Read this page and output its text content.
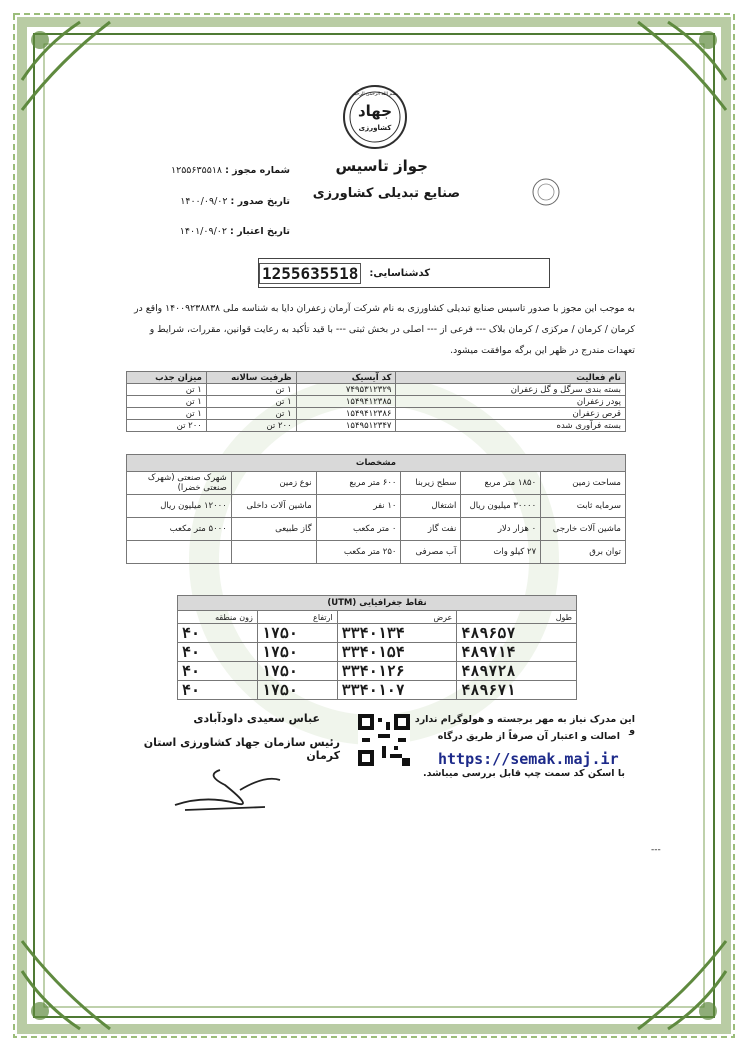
بسم الله الرحمن الرحیم
جهاد
کشاورزی
جواز تاسیس
صنایع تبدیلی کشاورزی
شماره مجوز : ۱۲۵۵۶۳۵۵۱۸
تاریخ صدور : ۱۴۰۰/۰۹/۰۲
تاریخ اعتبار : ۱۴۰۱/۰۹/۰۲
کدشناسایی:
1255635518
به موجب این مجوز با صدور تاسیس صنایع تبدیلی کشاورزی به نام شرکت آرمان زعفران دایا به شناسه ملی ۱۴۰۰۹۲۳۸۸۳۸ واقع در
کرمان / کرمان / مرکزی / کرمان بلاک --- فرعی از --- اصلی در بخش ثبتی --- با قید تأکید به رعایت قوانین، مقررات، شرایط و
تعهدات مندرج در ظهر این برگه موافقت میشود.
نام فعالیت	کد آیسیک	ظرفیت سالانه	میزان جذب
بسته بندی سرگل و گل زعفران	۷۴۹۵۳۱۲۳۲۹	۱ تن	۱ تن
پودر زعفران	۱۵۴۹۴۱۲۳۸۵	۱ تن	۱ تن
قرص زعفران	۱۵۴۹۴۱۲۳۸۶	۱ تن	۱ تن
بسته فرآوری شده	۱۵۴۹۵۱۲۳۴۷	۲۰۰ تن	۲۰۰ تن
مشخصات					
مساحت زمین	۱۸۵۰ متر مربع	سطح زیربنا	۶۰۰ متر مربع	نوع زمین	شهرک صنعتی (شهرک صنعتی خضرا)
سرمایه ثابت	۳۰۰۰۰ میلیون ریال	اشتغال	۱۰ نفر	ماشین آلات داخلی	۱۲۰۰۰ میلیون ریال
ماشین آلات خارجی	۰ هزار دلار	نفت گاز	۰ متر مکعب	گاز طبیعی	۵۰۰۰ متر مکعب
توان برق	۲۷ کیلو وات	آب مصرفی	۲۵۰ متر مکعب		
نقاط جغرافیایی (UTM)			
طول	عرض	ارتفاع	زون منطقه
۴۸۹۶۵۷	۳۳۴۰۱۳۴	۱۷۵۰	۴۰
۴۸۹۷۱۴	۳۳۴۰۱۵۴	۱۷۵۰	۴۰
۴۸۹۷۲۸	۳۳۴۰۱۲۶	۱۷۵۰	۴۰
۴۸۹۶۷۱	۳۳۴۰۱۰۷	۱۷۵۰	۴۰
عباس سعیدی داودآبادی
رئیس سازمان جهاد کشاورزی استان کرمان
این مدرک نیاز به مهر برجسته و هولوگرام ندارد و
اصالت و اعتبار آن صرفاً از طریق درگاه
https://semak.maj.ir
با اسکن کد سمت چپ قابل بررسی میباشد.
---
